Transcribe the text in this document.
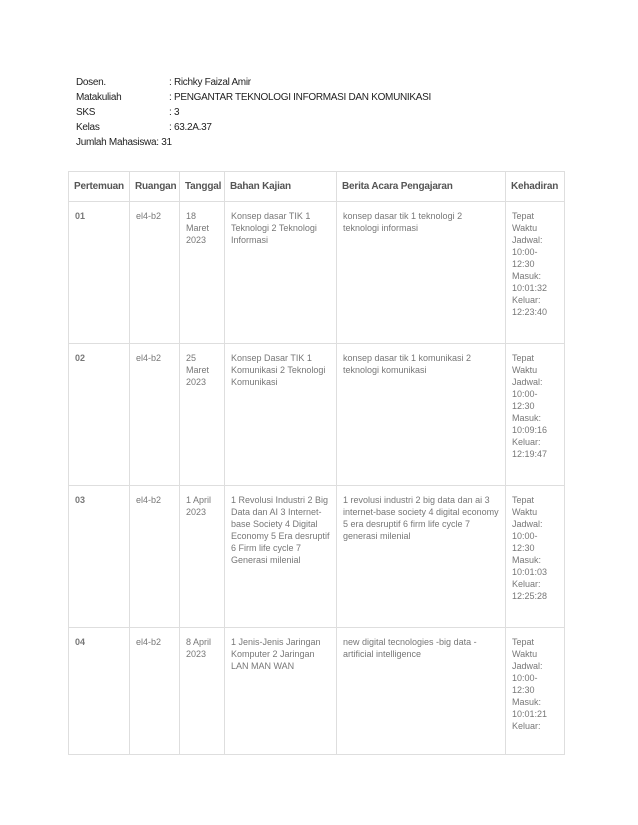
Dosen.	: Richky Faizal Amir
Matakuliah	: PENGANTAR TEKNOLOGI INFORMASI DAN KOMUNIKASI
SKS	: 3
Kelas	: 63.2A.37
Jumlah Mahasiswa : 31
Pertemuan	Ruangan	Tanggal	Bahan Kajian	Berita Acara Pengajaran	Kehadiran
01	el4-b2	18 Maret 2023	Konsep dasar TIK 1 Teknologi 2 Teknologi Informasi	konsep dasar tik 1 teknologi 2 teknologi informasi	Tepat Waktu Jadwal: 10:00-12:30 Masuk: 10:01:32 Keluar: 12:23:40
02	el4-b2	25 Maret 2023	Konsep Dasar TIK 1 Komunikasi 2 Teknologi Komunikasi	konsep dasar tik 1 komunikasi 2 teknologi komunikasi	Tepat Waktu Jadwal: 10:00-12:30 Masuk: 10:09:16 Keluar: 12:19:47
03	el4-b2	1 April 2023	1 Revolusi Industri 2 Big Data dan AI 3 Internet-base Society 4 Digital Economy 5 Era desruptif 6 Firm life cycle 7 Generasi milenial	1 revolusi industri 2 big data dan ai 3 internet-base society 4 digital economy 5 era desruptif 6 firm life cycle 7 generasi milenial	Tepat Waktu Jadwal: 10:00-12:30 Masuk: 10:01:03 Keluar: 12:25:28
04	el4-b2	8 April 2023	1 Jenis-Jenis Jaringan Komputer 2 Jaringan LAN MAN WAN	new digital tecnologies -big data -artificial intelligence	Tepat Waktu Jadwal: 10:00-12:30 Masuk: 10:01:21 Keluar:
